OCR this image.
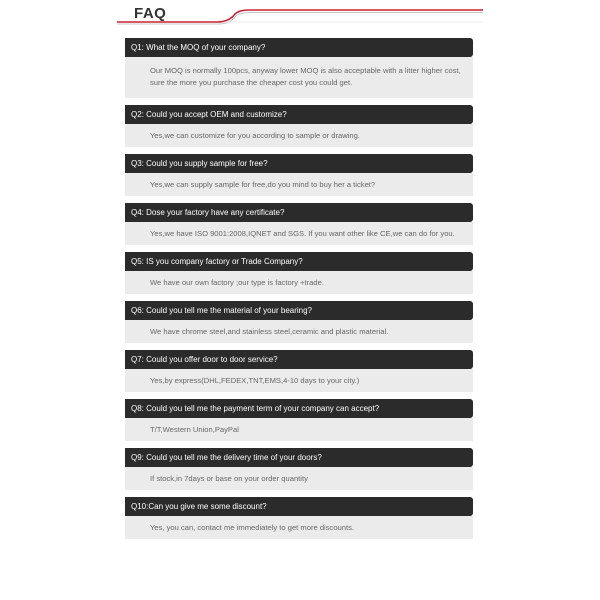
FAQ
Q1: What the MOQ of your company?
Our MOQ is normally 100pcs, anyway lower MOQ is also acceptable with a litter higher cost, sure the more you purchase the cheaper cost you could get.
Q2: Could you accept OEM and customize?
Yes,we can customize for you according to sample or drawing.
Q3: Could you supply sample for free?
Yes,we can supply sample for free,do you mind to buy her a ticket?
Q4: Dose your factory have any certificate?
Yes,we have ISO 9001:2008,IQNET and SGS. If you want other like CE,we can do for you.
Q5: IS you company factory or Trade Company?
We have our own factory ;our type is factory +trade.
Q6: Could you tell me the material of your bearing?
We have chrome steel,and stainless steel,ceramic and plastic material.
Q7: Could you offer door to door service?
Yes,by express(DHL,FEDEX,TNT,EMS,4-10 days to your city.)
Q8: Could you tell me the payment term of your company can accept?
T/T,Western Union,PayPal
Q9: Could you tell me the delivery time of your doors?
If stock,in 7days or base on your order quantity
Q10:Can you give me some discount?
Yes, you can, contact me immediately to get more discounts.
